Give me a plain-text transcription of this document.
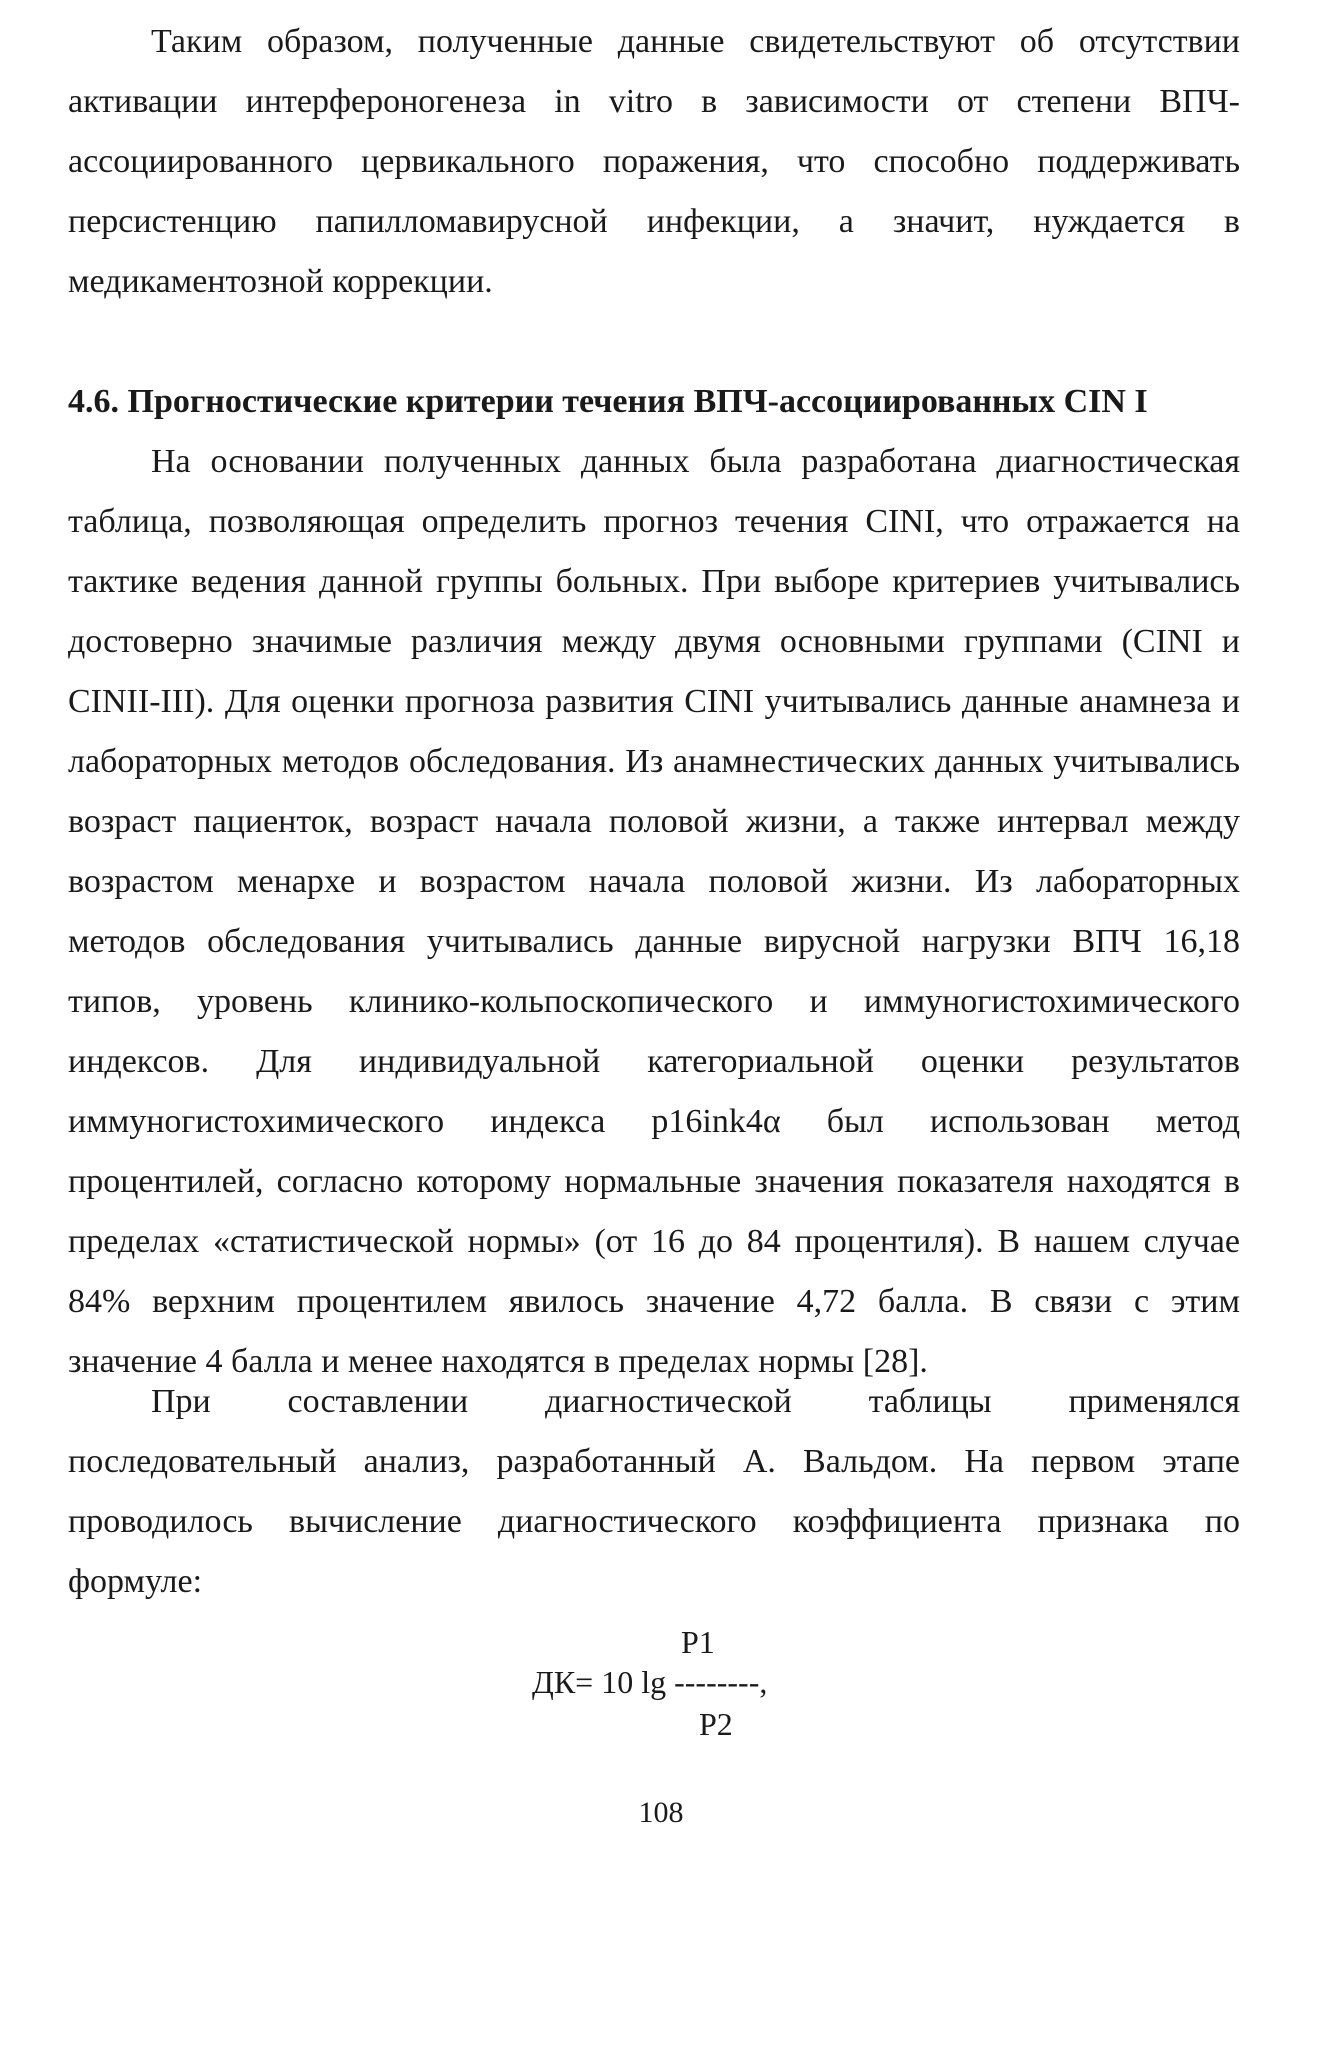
Таким образом, полученные данные свидетельствуют об отсутствии активации интерфероногенеза in vitro в зависимости от степени ВПЧ-ассоциированного цервикального поражения, что способно поддерживать персистенцию папилломавирусной инфекции, а значит, нуждается в медикаментозной коррекции.

4.6. Прогностические критерии течения ВПЧ-ассоциированных CIN I

На основании полученных данных была разработана диагностическая таблица, позволяющая определить прогноз течения CINI, что отражается на тактике ведения данной группы больных. При выборе критериев учитывались достоверно значимые различия между двумя основными группами (CINI и CINII-III). Для оценки прогноза развития CINI учитывались данные анамнеза и лабораторных методов обследования. Из анамнестических данных учитывались возраст пациенток, возраст начала половой жизни, а также интервал между возрастом менархе и возрастом начала половой жизни. Из лабораторных методов обследования учитывались данные вирусной нагрузки ВПЧ 16,18 типов, уровень клинико-кольпоскопического и иммуногистохимического индексов. Для индивидуальной категориальной оценки результатов иммуногистохимического индекса p16ink4α был использован метод процентилей, согласно которому нормальные значения показателя находятся в пределах «статистической нормы» (от 16 до 84 процентиля). В нашем случае 84% верхним процентилем явилось значение 4,72 балла. В связи с этим значение 4 балла и менее находятся в пределах нормы [28].

При составлении диагностической таблицы применялся последовательный анализ, разработанный А. Вальдом. На первом этапе проводилось вычисление диагностического коэффициента признака по формуле:

P1
ДК= 10 lg --------,
P2
108
